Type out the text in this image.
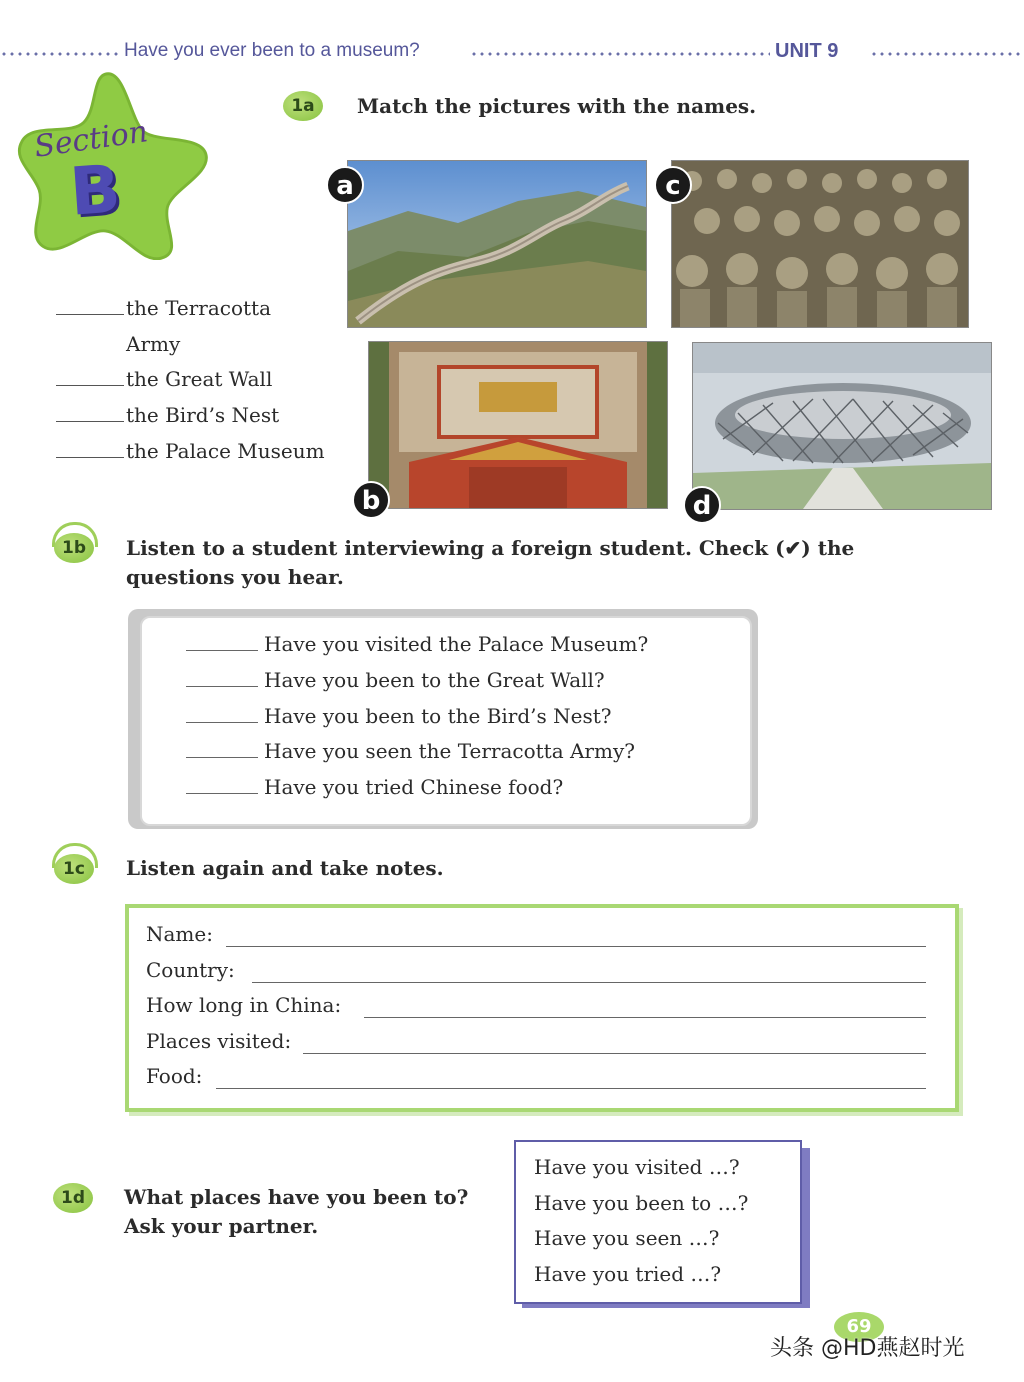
Have you ever been to a museum?	UNIT 9
Section
B
1a	Match the pictures with the names.
a	c
b	d
the Terracotta
Army
the Great Wall
the Bird’s Nest
the Palace Museum
1b	Listen to a student interviewing a foreign student. Check (✔) the
questions you hear.
Have you visited the Palace Museum?
Have you been to the Great Wall?
Have you been to the Bird’s Nest?
Have you seen the Terracotta Army?
Have you tried Chinese food?
1c	Listen again and take notes.
Name:
Country:
How long in China:
Places visited:
Food:
1d	What places have you been to?
Ask your partner.
Have you visited …?
Have you been to …?
Have you seen …?
Have you tried …?
69
头条 @HD燕赵时光
